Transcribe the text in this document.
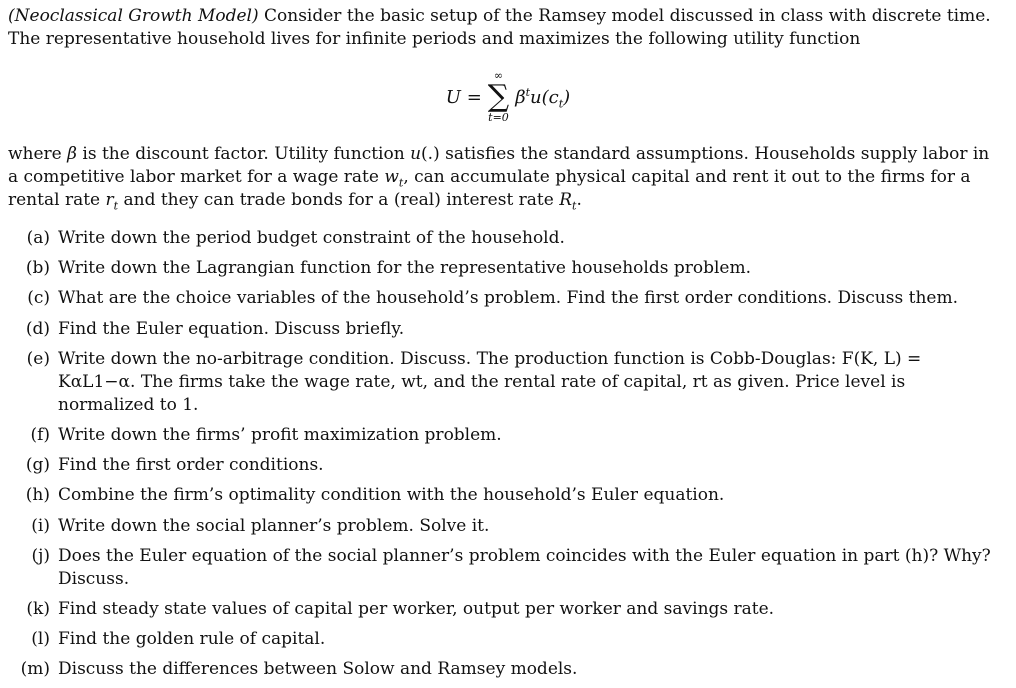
(Neoclassical Growth Model) Consider the basic setup of the Ramsey model discussed in class with discrete time. The representative household lives for infinite periods and maximizes the following utility function

U =
∞
∑
t=0
$\beta^tu(c_t)$

where β is the discount factor. Utility function u(.) satisfies the standard assumptions. Households supply labor in a competitive labor market for a wage rate $w_t$, can accumulate physical capital and rent it out to the firms for a rental rate $r_t$ and they can trade bonds for a (real) interest rate $R_t$.

(a) Write down the period budget constraint of the household.
(b) Write down the Lagrangian function for the representative households problem.
(c) What are the choice variables of the household’s problem. Find the first order conditions. Discuss them.
(d) Find the Euler equation. Discuss briefly.
(e) Write down the no-arbitrage condition. Discuss. The production function is Cobb-Douglas: F(K, L) = KαL1−α. The firms take the wage rate, wt, and the rental rate of capital, rt as given. Price level is normalized to 1.
(f) Write down the firms’ profit maximization problem.
(g) Find the first order conditions.
(h) Combine the firm’s optimality condition with the household’s Euler equation.
(i) Write down the social planner’s problem. Solve it.
(j) Does the Euler equation of the social planner’s problem coincides with the Euler equation in part (h)? Why? Discuss.
(k) Find steady state values of capital per worker, output per worker and savings rate.
(l) Find the golden rule of capital.
(m) Discuss the differences between Solow and Ramsey models.
